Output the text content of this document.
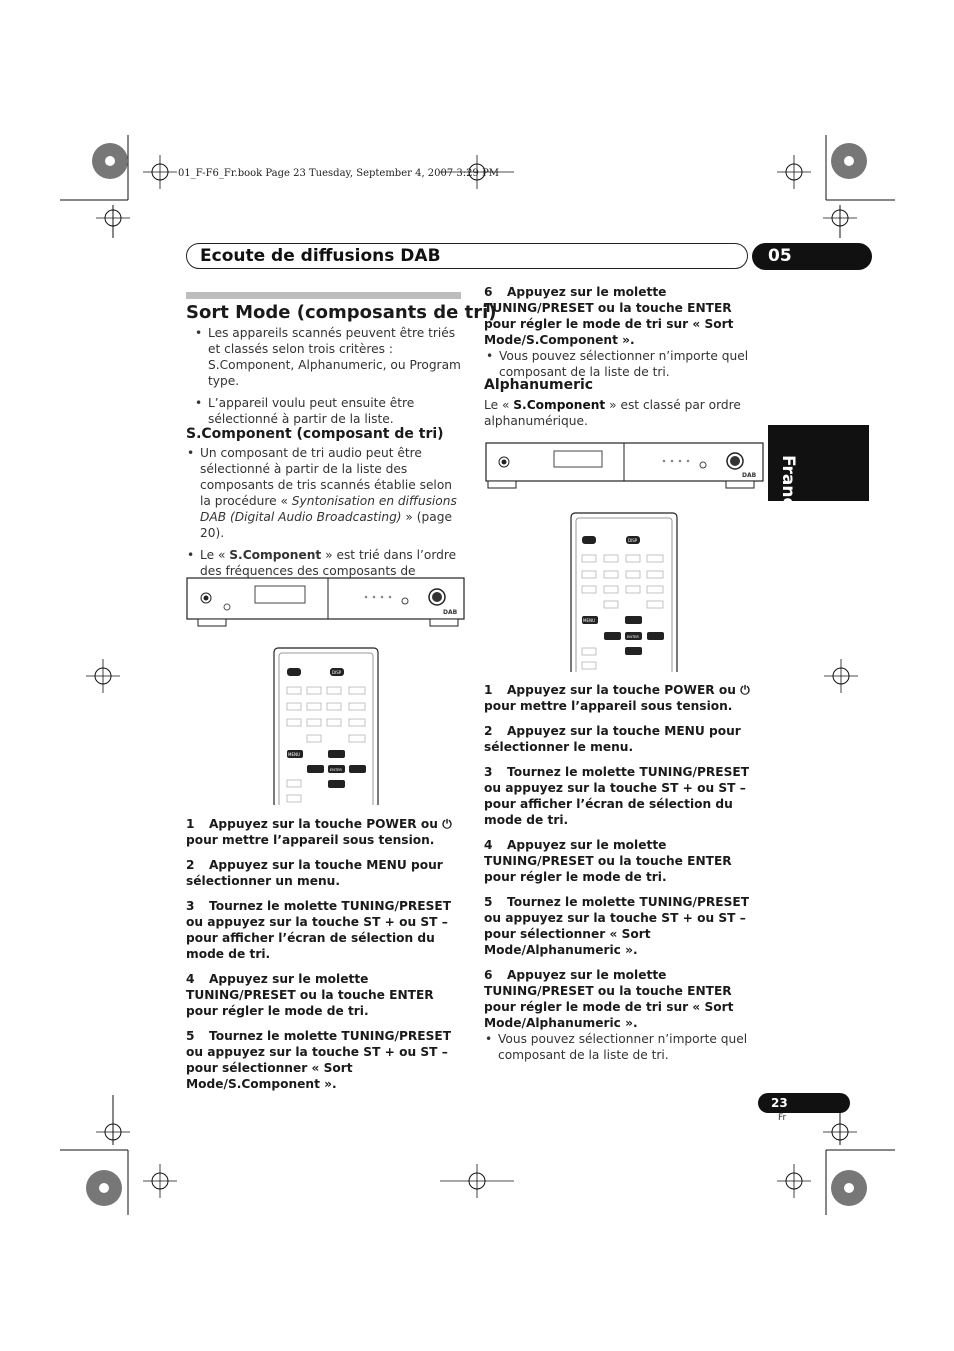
01_F-F6_Fr.book Page 23 Tuesday, September 4, 2007 3:29 PM
Ecoute de diffusions DAB	05
Français
Sort Mode (composants de tri)
• Les appareils scannés peuvent être triés et classés selon trois critères : S.Component, Alphanumeric, ou Program type.
• L’appareil voulu peut ensuite être sélectionné à partir de la liste.
S.Component (composant de tri)
• Un composant de tri audio peut être sélectionné à partir de la liste des composants de tris scannés établie selon la procédure « Syntonisation en diffusions DAB (Digital Audio Broadcasting) » (page 20).
• Le « S.Component » est trié dans l’ordre des fréquences des composants de
DAB
DISP
MENU
ENTER
1 Appuyez sur la touche POWER ou ⏻ pour mettre l’appareil sous tension.
2 Appuyez sur la touche MENU pour sélectionner un menu.
3 Tournez le molette TUNING/PRESET ou appuyez sur la touche ST + ou ST – pour afficher l’écran de sélection du mode de tri.
4 Appuyez sur le molette TUNING/PRESET ou la touche ENTER pour régler le mode de tri.
5 Tournez le molette TUNING/PRESET ou appuyez sur la touche ST + ou ST – pour sélectionner « Sort Mode/S.Component ».
6 Appuyez sur le molette TUNING/PRESET ou la touche ENTER pour régler le mode de tri sur « Sort Mode/S.Component ».
• Vous pouvez sélectionner n’importe quel composant de la liste de tri.
Alphanumeric
Le « S.Component » est classé par ordre alphanumérique.
DAB
DISP
MENU
ENTER
1 Appuyez sur la touche POWER ou ⏻ pour mettre l’appareil sous tension.
2 Appuyez sur la touche MENU pour sélectionner le menu.
3 Tournez le molette TUNING/PRESET ou appuyez sur la touche ST + ou ST – pour afficher l’écran de sélection du mode de tri.
4 Appuyez sur le molette TUNING/PRESET ou la touche ENTER pour régler le mode de tri.
5 Tournez le molette TUNING/PRESET ou appuyez sur la touche ST + ou ST – pour sélectionner « Sort Mode/Alphanumeric ».
6 Appuyez sur le molette TUNING/PRESET ou la touche ENTER pour régler le mode de tri sur « Sort Mode/Alphanumeric ».
• Vous pouvez sélectionner n’importe quel composant de la liste de tri.
23
Fr
